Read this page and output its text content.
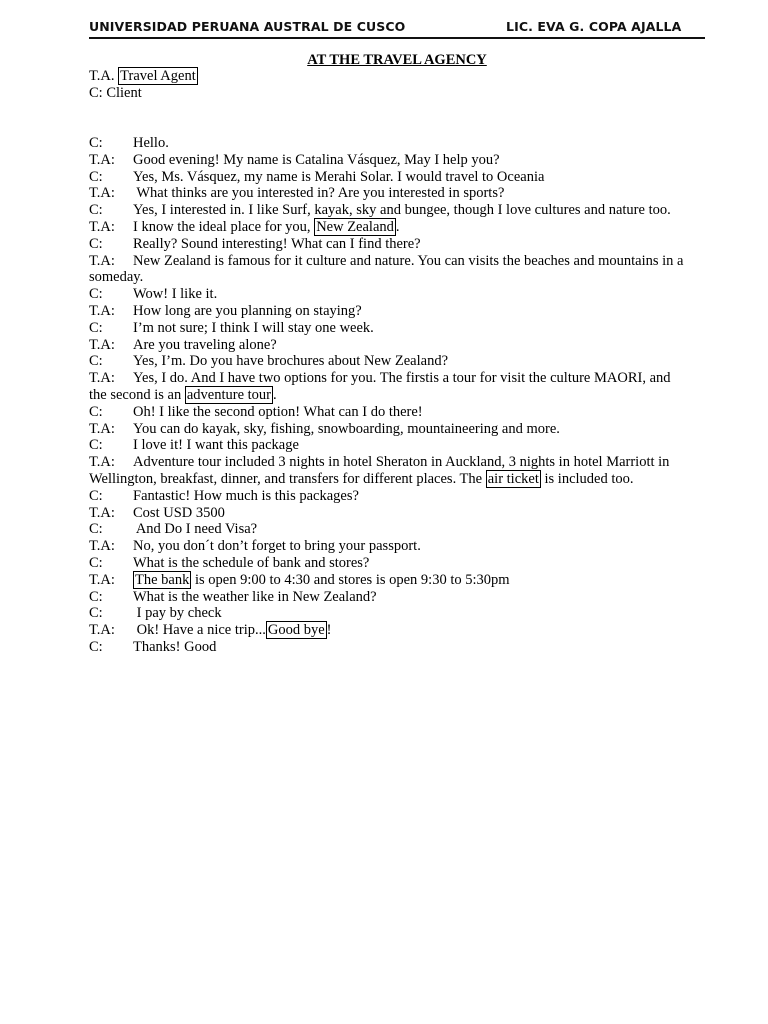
UNIVERSIDAD PERUANA AUSTRAL DE CUSCO	LIC. EVA G. COPA AJALLA
AT THE TRAVEL AGENCY
T.A. Travel Agent
C: Client
C: Hello.
T.A: Good evening! My name is Catalina Vásquez, May I help you?
C: Yes, Ms. Vásquez, my name is Merahi Solar. I would travel to Oceania
T.A: What thinks are you interested in? Are you interested in sports?
C: Yes, I interested in. I like Surf, kayak, sky and bungee, though I love cultures and nature too.
T.A: I know the ideal place for you, New Zealand .
C: Really? Sound interesting! What can I find there?
T.A: New Zealand is famous for it culture and nature. You can visits the beaches and mountains in a someday.
C: Wow! I like it.
T.A: How long are you planning on staying?
C: I’m not sure; I think I will stay one week.
T.A: Are you traveling alone?
C: Yes, I’m. Do you have brochures about New Zealand?
T.A: Yes, I do. And I have two options for you. The firstis a tour for visit the culture MAORI, and the second is an adventure tour .
C: Oh! I like the second option! What can I do there!
T.A: You can do kayak, sky, fishing, snowboarding, mountaineering and more.
C: I love it! I want this package
T.A: Adventure tour included 3 nights in hotel Sheraton in Auckland, 3 nights in hotel Marriott in Wellington, breakfast, dinner, and transfers for different places. The air ticket is included too.
C: Fantastic! How much is this packages?
T.A: Cost USD 3500
C: And Do I need Visa?
T.A: No, you don´t don’t forget to bring your passport.
C: What is the schedule of bank and stores?
T.A: The bank is open 9:00 to 4:30 and stores is open 9:30 to 5:30pm
C: What is the weather like in New Zealand?
C: I pay by check
T.A: Ok! Have a nice trip... Good bye !
C: Thanks! Good
